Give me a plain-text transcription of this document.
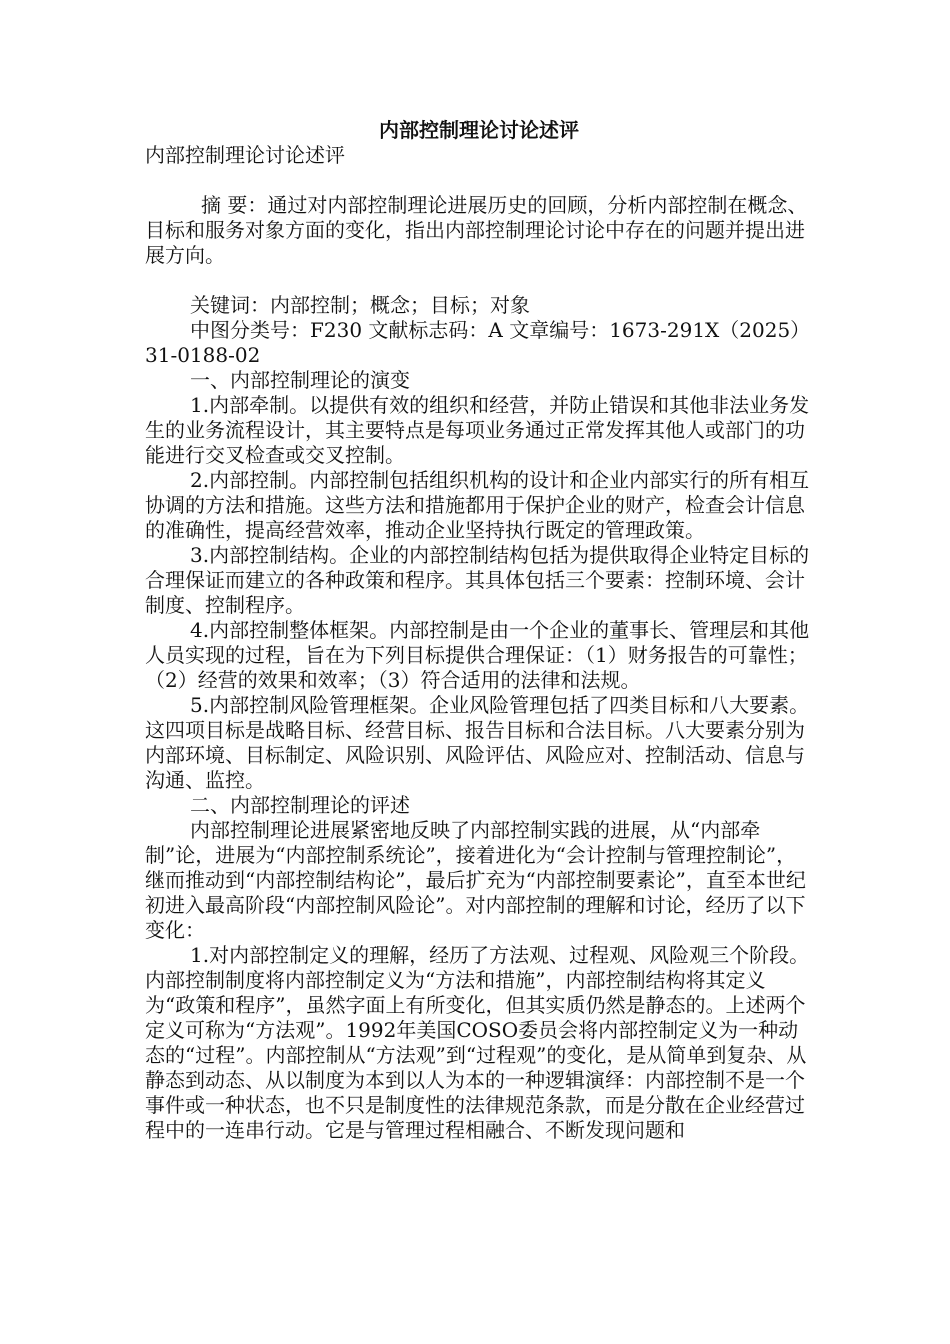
内部控制理论讨论述评

内部控制理论讨论述评

摘 要：通过对内部控制理论进展历史的回顾，分析内部控制在概念、目标和服务对象方面的变化，指出内部控制理论讨论中存在的问题并提出进展方向。

关键词：内部控制；概念；目标；对象

中图分类号：F230 文献标志码：A 文章编号：1673-291X（2025）31-0188-02

一、内部控制理论的演变

1.内部牵制。以提供有效的组织和经营，并防止错误和其他非法业务发生的业务流程设计，其主要特点是每项业务通过正常发挥其他人或部门的功能进行交叉检查或交叉控制。

2.内部控制。内部控制包括组织机构的设计和企业内部实行的所有相互协调的方法和措施。这些方法和措施都用于保护企业的财产，检查会计信息的准确性，提高经营效率，推动企业坚持执行既定的管理政策。

3.内部控制结构。企业的内部控制结构包括为提供取得企业特定目标的合理保证而建立的各种政策和程序。其具体包括三个要素：控制环境、会计制度、控制程序。

4.内部控制整体框架。内部控制是由一个企业的董事长、管理层和其他人员实现的过程，旨在为下列目标提供合理保证：（1）财务报告的可靠性；（2）经营的效果和效率；（3）符合适用的法律和法规。

5.内部控制风险管理框架。企业风险管理包括了四类目标和八大要素。这四项目标是战略目标、经营目标、报告目标和合法目标。八大要素分别为内部环境、目标制定、风险识别、风险评估、风险应对、控制活动、信息与沟通、监控。

二、内部控制理论的评述

内部控制理论进展紧密地反映了内部控制实践的进展，从“内部牵制”论，进展为“内部控制系统论”，接着进化为“会计控制与管理控制论”，继而推动到“内部控制结构论”，最后扩充为“内部控制要素论”，直至本世纪初进入最高阶段“内部控制风险论”。对内部控制的理解和讨论，经历了以下变化：

1.对内部控制定义的理解，经历了方法观、过程观、风险观三个阶段。内部控制制度将内部控制定义为“方法和措施”，内部控制结构将其定义为“政策和程序”，虽然字面上有所变化，但其实质仍然是静态的。上述两个定义可称为“方法观”。1992年美国COSO委员会将内部控制定义为一种动态的“过程”。内部控制从“方法观”到“过程观”的变化，是从简单到复杂、从静态到动态、从以制度为本到以人为本的一种逻辑演绎：内部控制不是一个事件或一种状态，也不只是制度性的法律规范条款，而是分散在企业经营过程中的一连串行动。它是与管理过程相融合、不断发现问题和
